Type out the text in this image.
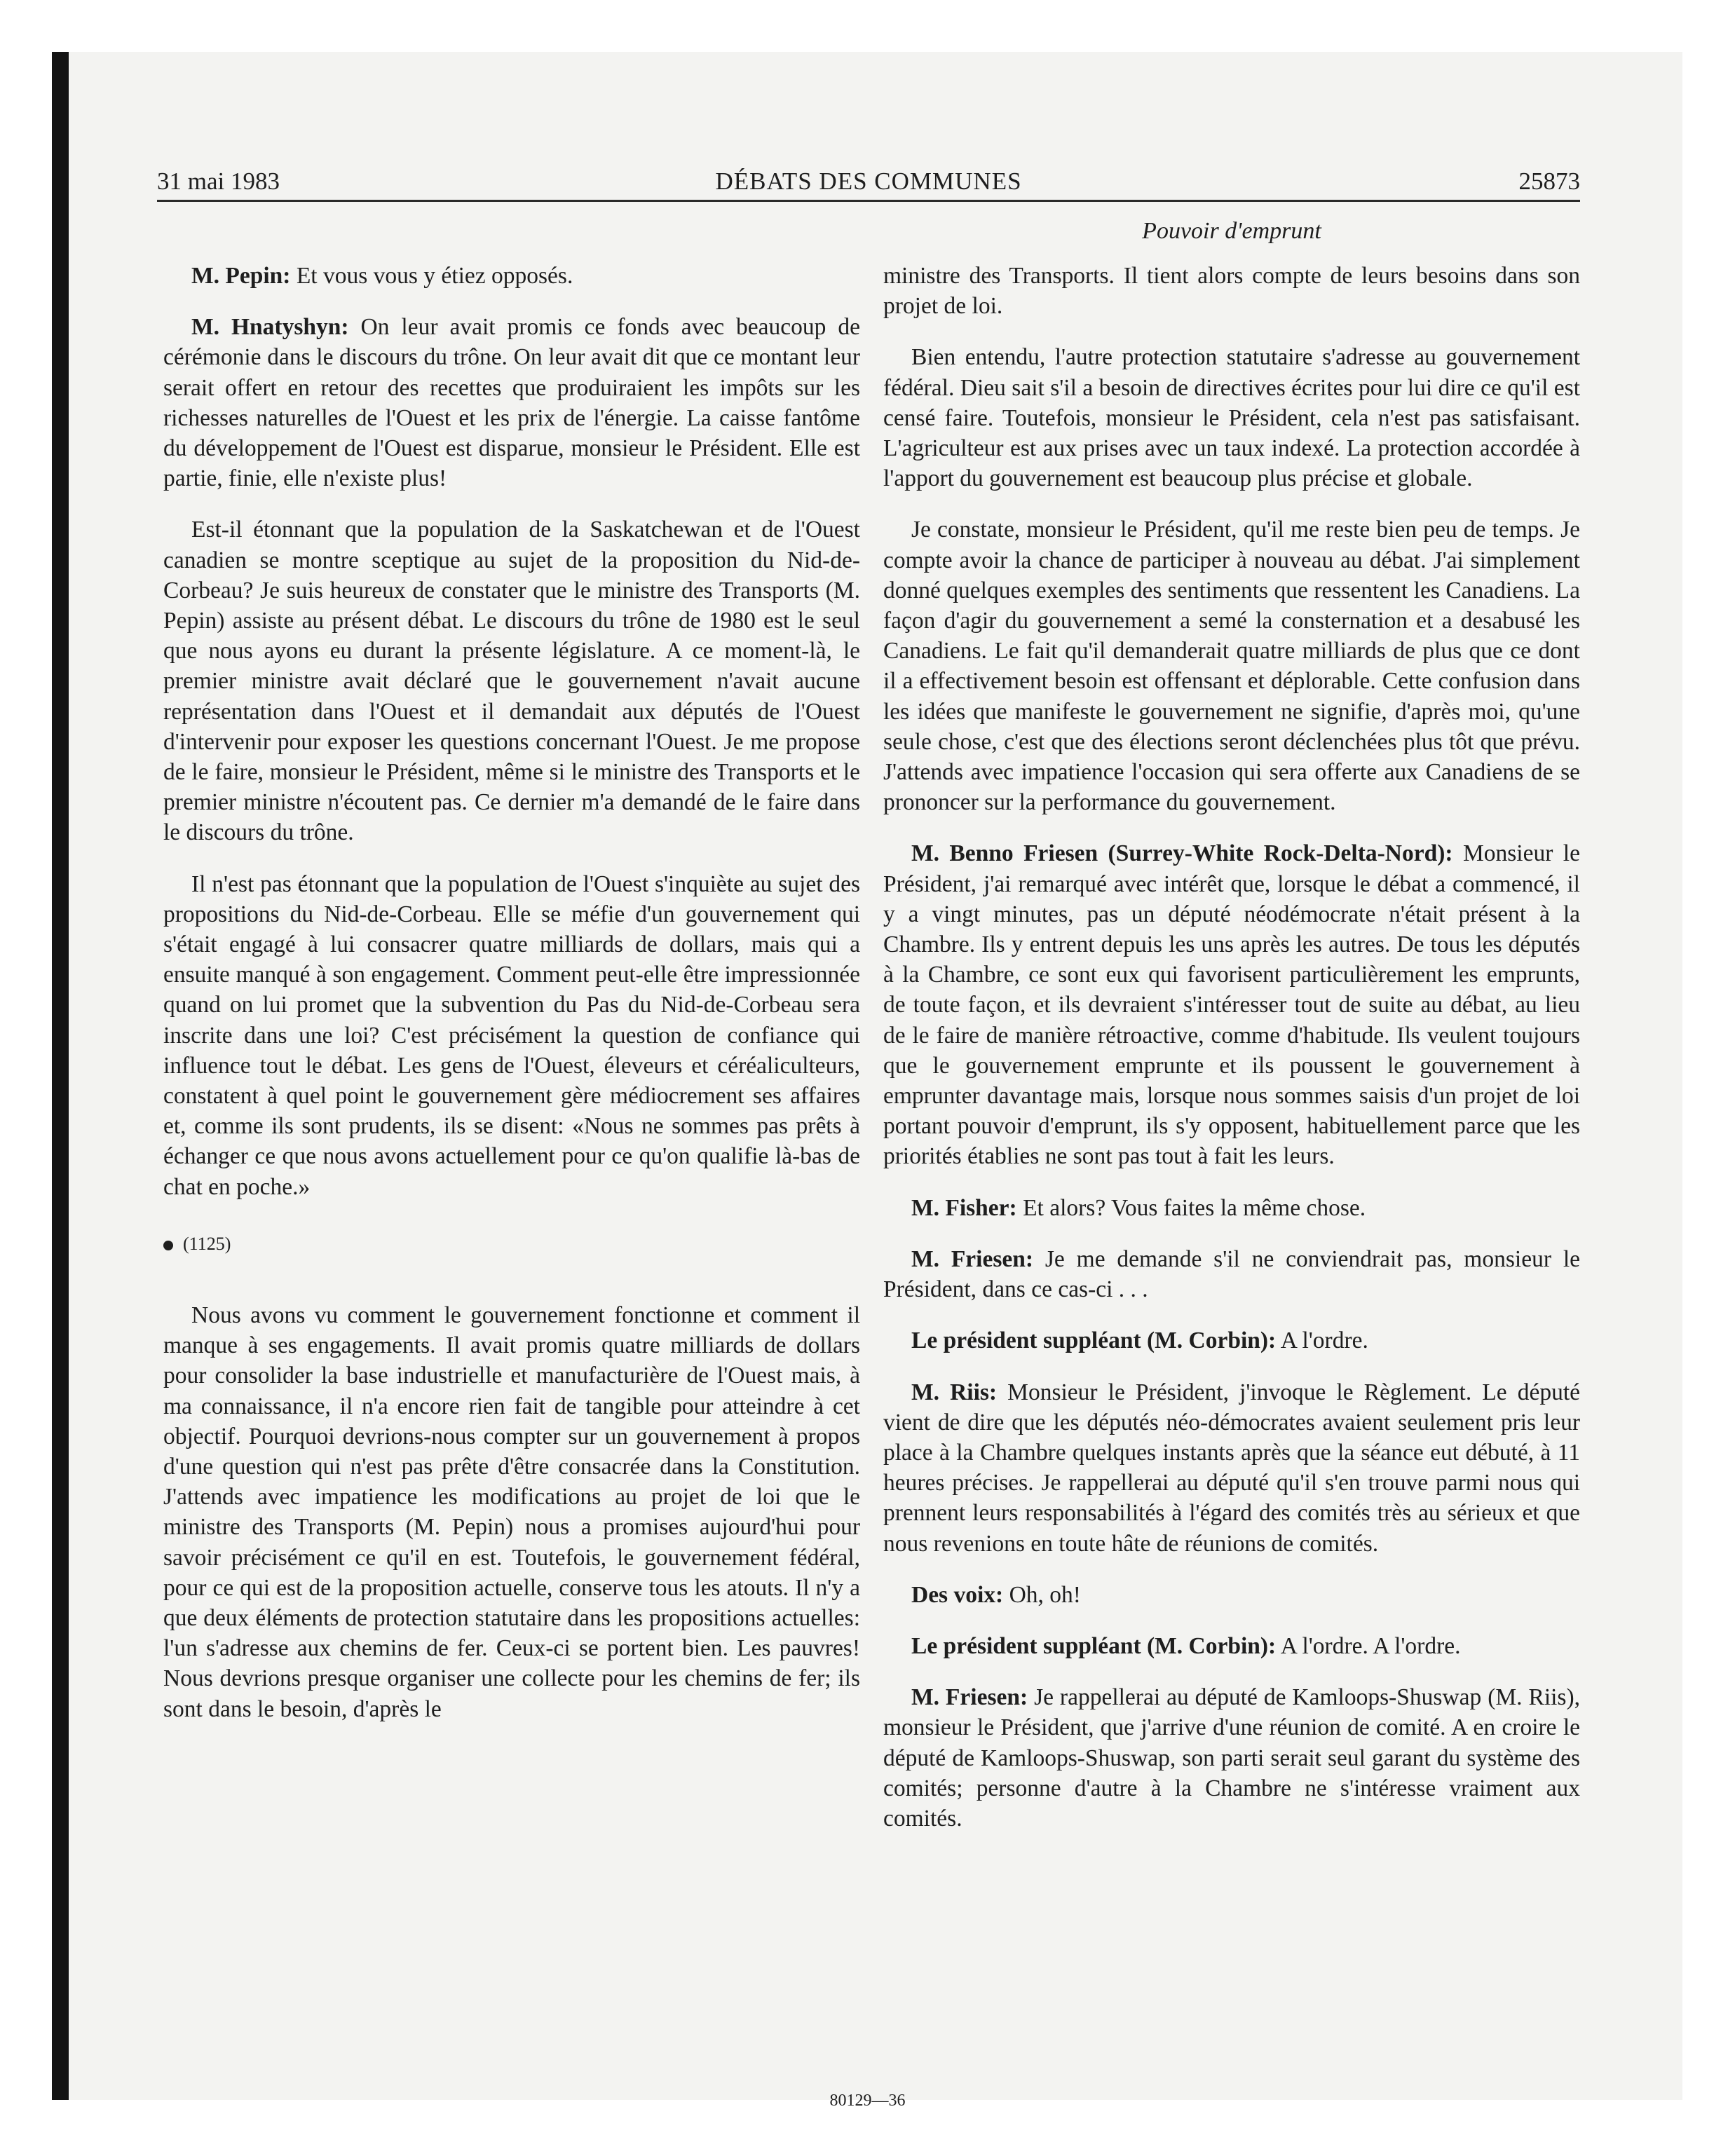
31 mai 1983	DÉBATS DES COMMUNES	25873
Pouvoir d'emprunt

M. Pepin: Et vous vous y étiez opposés.

M. Hnatyshyn: On leur avait promis ce fonds avec beaucoup de cérémonie dans le discours du trône. On leur avait dit que ce montant leur serait offert en retour des recettes que produiraient les impôts sur les richesses naturelles de l'Ouest et les prix de l'énergie. La caisse fantôme du développement de l'Ouest est disparue, monsieur le Président. Elle est partie, finie, elle n'existe plus!

Est-il étonnant que la population de la Saskatchewan et de l'Ouest canadien se montre sceptique au sujet de la proposition du Nid-de-Corbeau? Je suis heureux de constater que le ministre des Transports (M. Pepin) assiste au présent débat. Le discours du trône de 1980 est le seul que nous ayons eu durant la présente législature. A ce moment-là, le premier ministre avait déclaré que le gouvernement n'avait aucune représentation dans l'Ouest et il demandait aux députés de l'Ouest d'intervenir pour exposer les questions concernant l'Ouest. Je me propose de le faire, monsieur le Président, même si le ministre des Transports et le premier ministre n'écoutent pas. Ce dernier m'a demandé de le faire dans le discours du trône.

Il n'est pas étonnant que la population de l'Ouest s'inquiète au sujet des propositions du Nid-de-Corbeau. Elle se méfie d'un gouvernement qui s'était engagé à lui consacrer quatre milliards de dollars, mais qui a ensuite manqué à son engagement. Comment peut-elle être impressionnée quand on lui promet que la subvention du Pas du Nid-de-Corbeau sera inscrite dans une loi? C'est précisément la question de confiance qui influence tout le débat. Les gens de l'Ouest, éleveurs et céréaliculteurs, constatent à quel point le gouvernement gère médiocrement ses affaires et, comme ils sont prudents, ils se disent: «Nous ne sommes pas prêts à échanger ce que nous avons actuellement pour ce qu'on qualifie là-bas de chat en poche.»

(1125)

Nous avons vu comment le gouvernement fonctionne et comment il manque à ses engagements. Il avait promis quatre milliards de dollars pour consolider la base industrielle et manufacturière de l'Ouest mais, à ma connaissance, il n'a encore rien fait de tangible pour atteindre à cet objectif. Pourquoi devrions-nous compter sur un gouvernement à propos d'une question qui n'est pas prête d'être consacrée dans la Constitution. J'attends avec impatience les modifications au projet de loi que le ministre des Transports (M. Pepin) nous a promises aujourd'hui pour savoir précisément ce qu'il en est. Toutefois, le gouvernement fédéral, pour ce qui est de la proposition actuelle, conserve tous les atouts. Il n'y a que deux éléments de protection statutaire dans les propositions actuelles: l'un s'adresse aux chemins de fer. Ceux-ci se portent bien. Les pauvres! Nous devrions presque organiser une collecte pour les chemins de fer; ils sont dans le besoin, d'après le

ministre des Transports. Il tient alors compte de leurs besoins dans son projet de loi.

Bien entendu, l'autre protection statutaire s'adresse au gouvernement fédéral. Dieu sait s'il a besoin de directives écrites pour lui dire ce qu'il est censé faire. Toutefois, monsieur le Président, cela n'est pas satisfaisant. L'agriculteur est aux prises avec un taux indexé. La protection accordée à l'apport du gouvernement est beaucoup plus précise et globale.

Je constate, monsieur le Président, qu'il me reste bien peu de temps. Je compte avoir la chance de participer à nouveau au débat. J'ai simplement donné quelques exemples des sentiments que ressentent les Canadiens. La façon d'agir du gouvernement a semé la consternation et a desabusé les Canadiens. Le fait qu'il demanderait quatre milliards de plus que ce dont il a effectivement besoin est offensant et déplorable. Cette confusion dans les idées que manifeste le gouvernement ne signifie, d'après moi, qu'une seule chose, c'est que des élections seront déclenchées plus tôt que prévu. J'attends avec impatience l'occasion qui sera offerte aux Canadiens de se prononcer sur la performance du gouvernement.

M. Benno Friesen (Surrey-White Rock-Delta-Nord): Monsieur le Président, j'ai remarqué avec intérêt que, lorsque le débat a commencé, il y a vingt minutes, pas un député néodémocrate n'était présent à la Chambre. Ils y entrent depuis les uns après les autres. De tous les députés à la Chambre, ce sont eux qui favorisent particulièrement les emprunts, de toute façon, et ils devraient s'intéresser tout de suite au débat, au lieu de le faire de manière rétroactive, comme d'habitude. Ils veulent toujours que le gouvernement emprunte et ils poussent le gouvernement à emprunter davantage mais, lorsque nous sommes saisis d'un projet de loi portant pouvoir d'emprunt, ils s'y opposent, habituellement parce que les priorités établies ne sont pas tout à fait les leurs.

M. Fisher: Et alors? Vous faites la même chose.

M. Friesen: Je me demande s'il ne conviendrait pas, monsieur le Président, dans ce cas-ci . . .

Le président suppléant (M. Corbin): A l'ordre.

M. Riis: Monsieur le Président, j'invoque le Règlement. Le député vient de dire que les députés néo-démocrates avaient seulement pris leur place à la Chambre quelques instants après que la séance eut débuté, à 11 heures précises. Je rappellerai au député qu'il s'en trouve parmi nous qui prennent leurs responsabilités à l'égard des comités très au sérieux et que nous revenions en toute hâte de réunions de comités.

Des voix: Oh, oh!

Le président suppléant (M. Corbin): A l'ordre. A l'ordre.

M. Friesen: Je rappellerai au député de Kamloops-Shuswap (M. Riis), monsieur le Président, que j'arrive d'une réunion de comité. A en croire le député de Kamloops-Shuswap, son parti serait seul garant du système des comités; personne d'autre à la Chambre ne s'intéresse vraiment aux comités.

80129—36
